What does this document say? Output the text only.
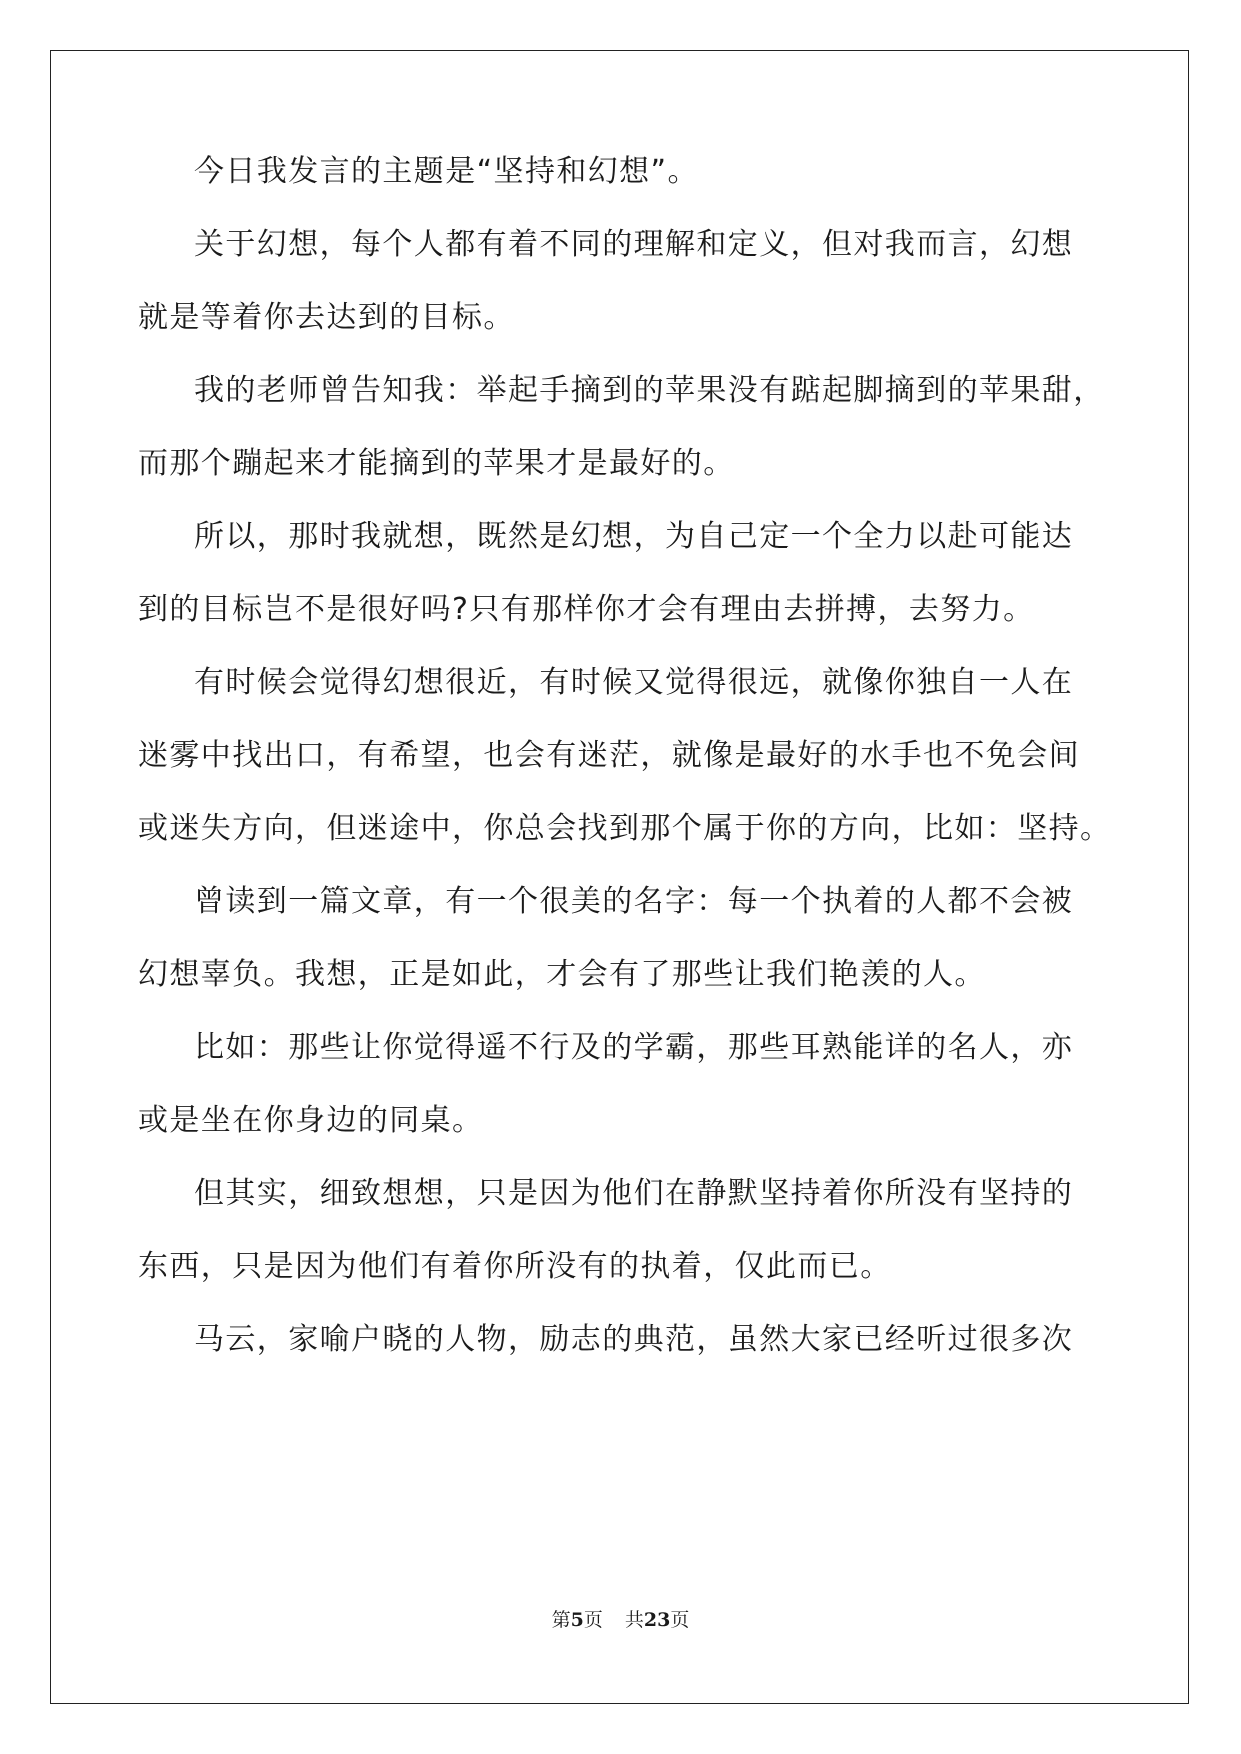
今日我发言的主题是“坚持和幻想”。
关于幻想，每个人都有着不同的理解和定义，但对我而言，幻想
就是等着你去达到的目标。
我的老师曾告知我：举起手摘到的苹果没有踮起脚摘到的苹果甜，
而那个蹦起来才能摘到的苹果才是最好的。
所以，那时我就想，既然是幻想，为自己定一个全力以赴可能达
到的目标岂不是很好吗?只有那样你才会有理由去拼搏，去努力。
有时候会觉得幻想很近，有时候又觉得很远，就像你独自一人在
迷雾中找出口，有希望，也会有迷茫，就像是最好的水手也不免会间
或迷失方向，但迷途中，你总会找到那个属于你的方向，比如：坚持。
曾读到一篇文章，有一个很美的名字：每一个执着的人都不会被
幻想辜负。我想，正是如此，才会有了那些让我们艳羡的人。
比如：那些让你觉得遥不行及的学霸，那些耳熟能详的名人，亦
或是坐在你身边的同桌。
但其实，细致想想，只是因为他们在静默坚持着你所没有坚持的
东西，只是因为他们有着你所没有的执着，仅此而已。
马云，家喻户晓的人物，励志的典范，虽然大家已经听过很多次
第5页 共23页
